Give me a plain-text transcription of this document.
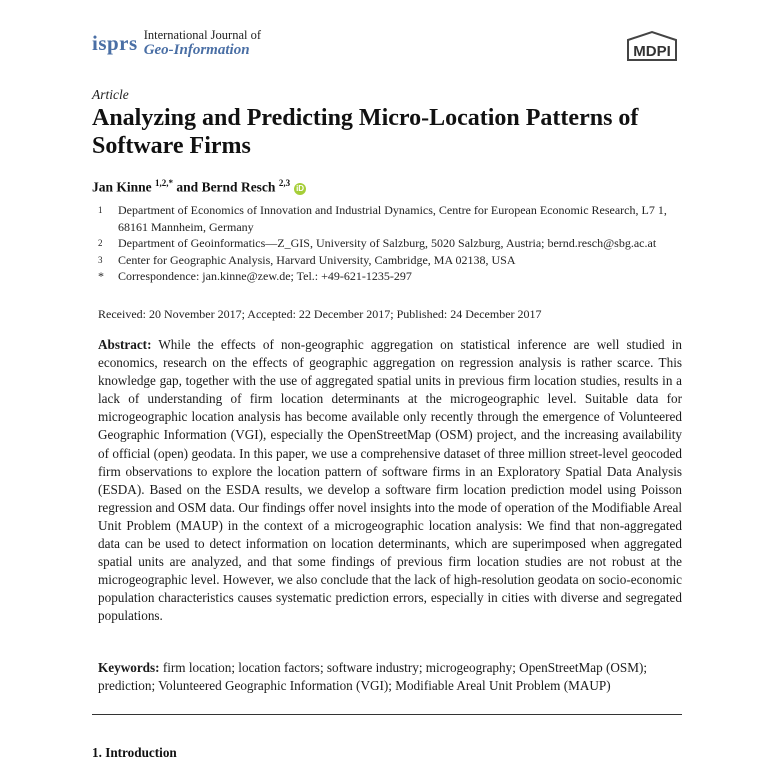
isprs International Journal of
Geo-Information	MDPI
Article
Analyzing and Predicting Micro-Location Patterns of Software Firms
Jan Kinne $^{1,2,*}$ and Bernd Resch $^{2,3}$ iD
1	Department of Economics of Innovation and Industrial Dynamics, Centre for European Economic Research, L7 1, 68161 Mannheim, Germany
2	Department of Geoinformatics—Z_GIS, University of Salzburg, 5020 Salzburg, Austria; bernd.resch@sbg.ac.at
3	Center for Geographic Analysis, Harvard University, Cambridge, MA 02138, USA
*	Correspondence: jan.kinne@zew.de; Tel.: +49-621-1235-297
Received: 20 November 2017; Accepted: 22 December 2017; Published: 24 December 2017

Abstract: While the effects of non-geographic aggregation on statistical inference are well studied in economics, research on the effects of geographic aggregation on regression analysis is rather scarce. This knowledge gap, together with the use of aggregated spatial units in previous firm location studies, results in a lack of understanding of firm location determinants at the microgeographic level. Suitable data for microgeographic location analysis has become available only recently through the emergence of Volunteered Geographic Information (VGI), especially the OpenStreetMap (OSM) project, and the increasing availability of official (open) geodata. In this paper, we use a comprehensive dataset of three million street-level geocoded firm observations to explore the location pattern of software firms in an Exploratory Spatial Data Analysis (ESDA). Based on the ESDA results, we develop a software firm location prediction model using Poisson regression and OSM data. Our findings offer novel insights into the mode of operation of the Modifiable Areal Unit Problem (MAUP) in the context of a microgeographic location analysis: We find that non-aggregated data can be used to detect information on location determinants, which are superimposed when aggregated spatial units are analyzed, and that some findings of previous firm location studies are not robust at the microgeographic level. However, we also conclude that the lack of high-resolution geodata on socio-economic population characteristics causes systematic prediction errors, especially in cities with diverse and segregated populations.

Keywords: firm location; location factors; software industry; microgeography; OpenStreetMap (OSM); prediction; Volunteered Geographic Information (VGI); Modifiable Areal Unit Problem (MAUP)

1. Introduction
